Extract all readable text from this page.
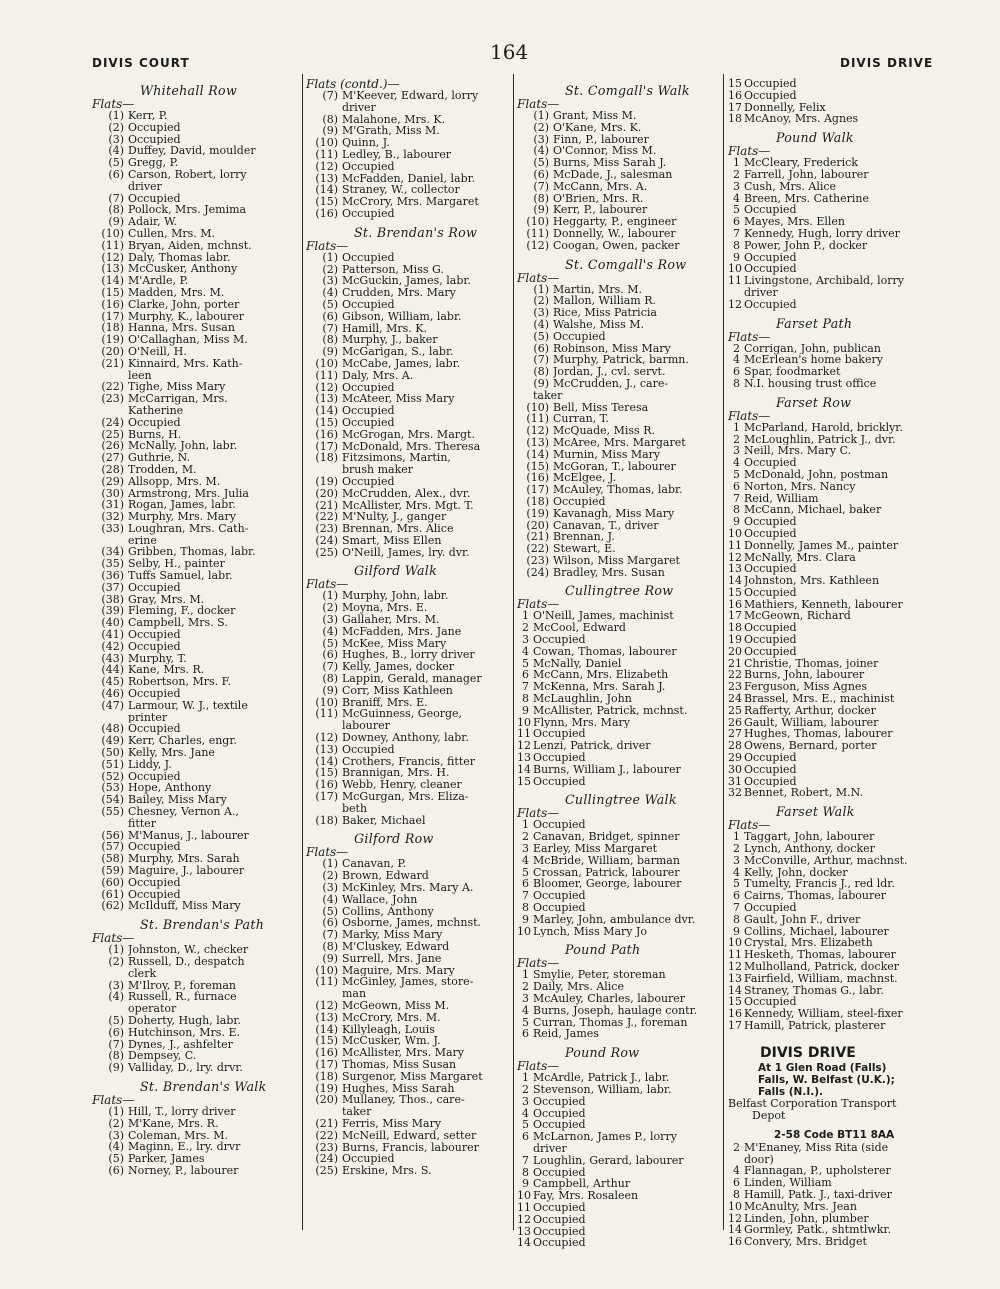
DIVIS COURT	164	DIVIS DRIVE
Whitehall Row
Flats—
(1) Kerr, P.
(2) Occupied
(3) Occupied
(4) Duffey, David, moulder
(5) Gregg, P.
(6) Carson, Robert, lorry
driver
(7) Occupied
(8) Pollock, Mrs. Jemima
(9) Adair, W.
(10) Cullen, Mrs. M.
(11) Bryan, Aiden, mchnst.
(12) Daly, Thomas labr.
(13) McCusker, Anthony
(14) M'Ardle, P.
(15) Madden, Mrs. M.
(16) Clarke, John, porter
(17) Murphy, K., labourer
(18) Hanna, Mrs. Susan
(19) O'Callaghan, Miss M.
(20) O'Neill, H.
(21) Kinnaird, Mrs. Kath-
leen
(22) Tighe, Miss Mary
(23) McCarrigan, Mrs.
Katherine
(24) Occupied
(25) Burns, H.
(26) McNally, John, labr.
(27) Guthrie, N.
(28) Trodden, M.
(29) Allsopp, Mrs. M.
(30) Armstrong, Mrs. Julia
(31) Rogan, James, labr.
(32) Murphy, Mrs. Mary
(33) Loughran, Mrs. Cath-
erine
(34) Gribben, Thomas, labr.
(35) Selby, H., painter
(36) Tuffs Samuel, labr.
(37) Occupied
(38) Gray, Mrs. M.
(39) Fleming, F., docker
(40) Campbell, Mrs. S.
(41) Occupied
(42) Occupied
(43) Murphy, T.
(44) Kane, Mrs. R.
(45) Robertson, Mrs. F.
(46) Occupied
(47) Larmour, W. J., textile
printer
(48) Occupied
(49) Kerr, Charles, engr.
(50) Kelly, Mrs. Jane
(51) Liddy, J.
(52) Occupied
(53) Hope, Anthony
(54) Bailey, Miss Mary
(55) Chesney, Vernon A.,
fitter
(56) M'Manus, J., labourer
(57) Occupied
(58) Murphy, Mrs. Sarah
(59) Maguire, J., labourer
(60) Occupied
(61) Occupied
(62) McIlduff, Miss Mary
St. Brendan's Path
Flats—
(1) Johnston, W., checker
(2) Russell, D., despatch
clerk
(3) M'Ilroy, P., foreman
(4) Russell, R., furnace
operator
(5) Doherty, Hugh, labr.
(6) Hutchinson, Mrs. E.
(7) Dynes, J., ashfelter
(8) Dempsey, C.
(9) Valliday, D., lry. drvr.
St. Brendan's Walk
Flats—
(1) Hill, T., lorry driver
(2) M'Kane, Mrs. R.
(3) Coleman, Mrs. M.
(4) Maginn, E., lry. drvr
(5) Parker, James
(6) Norney, P., labourer
Flats (contd.)—
(7) M'Keever, Edward, lorry
driver
(8) Malahone, Mrs. K.
(9) M'Grath, Miss M.
(10) Quinn, J.
(11) Ledley, B., labourer
(12) Occupied
(13) McFadden, Daniel, labr.
(14) Straney, W., collector
(15) McCrory, Mrs. Margaret
(16) Occupied
St. Brendan's Row
Flats—
(1) Occupied
(2) Patterson, Miss G.
(3) McGuckin, James, labr.
(4) Crudden, Mrs. Mary
(5) Occupied
(6) Gibson, William, labr.
(7) Hamill, Mrs. K.
(8) Murphy, J., baker
(9) McGarigan, S., labr.
(10) McCabe, James, labr.
(11) Daly, Mrs. A.
(12) Occupied
(13) McAteer, Miss Mary
(14) Occupied
(15) Occupied
(16) McGrogan, Mrs. Margt.
(17) McDonald, Mrs. Theresa
(18) Fitzsimons, Martin,
brush maker
(19) Occupied
(20) McCrudden, Alex., dvr.
(21) McAllister, Mrs. Mgt. T.
(22) M'Nulty, J., ganger
(23) Brennan, Mrs. Alice
(24) Smart, Miss Ellen
(25) O'Neill, James, lry. dvr.
Gilford Walk
Flats—
(1) Murphy, John, labr.
(2) Moyna, Mrs. E.
(3) Gallaher, Mrs. M.
(4) McFadden, Mrs. Jane
(5) McKee, Miss Mary
(6) Hughes, B., lorry driver
(7) Kelly, James, docker
(8) Lappin, Gerald, manager
(9) Corr, Miss Kathleen
(10) Braniff, Mrs. E.
(11) McGuinness, George,
labourer
(12) Downey, Anthony, labr.
(13) Occupied
(14) Crothers, Francis, fitter
(15) Brannigan, Mrs. H.
(16) Webb, Henry, cleaner
(17) McGurgan, Mrs. Eliza-
beth
(18) Baker, Michael
Gilford Row
Flats—
(1) Canavan, P.
(2) Brown, Edward
(3) McKinley, Mrs. Mary A.
(4) Wallace, John
(5) Collins, Anthony
(6) Osborne, James, mchnst.
(7) Marky, Miss Mary
(8) M'Cluskey, Edward
(9) Surrell, Mrs. Jane
(10) Maguire, Mrs. Mary
(11) McGinley, James, store-
man
(12) McGeown, Miss M.
(13) McCrory, Mrs. M.
(14) Killyleagh, Louis
(15) McCusker, Wm. J.
(16) McAllister, Mrs. Mary
(17) Thomas, Miss Susan
(18) Surgenor, Miss Margaret
(19) Hughes, Miss Sarah
(20) Mullaney, Thos., care-
taker
(21) Ferris, Miss Mary
(22) McNeill, Edward, setter
(23) Burns, Francis, labourer
(24) Occupied
(25) Erskine, Mrs. S.
St. Comgall's Walk
Flats—
(1) Grant, Miss M.
(2) O'Kane, Mrs. K.
(3) Finn, P., labourer
(4) O'Connor, Miss M.
(5) Burns, Miss Sarah J.
(6) McDade, J., salesman
(7) McCann, Mrs. A.
(8) O'Brien, Mrs. R.
(9) Kerr, P., labourer
(10) Heggarty, P., engineer
(11) Donnelly, W., labourer
(12) Coogan, Owen, packer
St. Comgall's Row
Flats—
(1) Martin, Mrs. M.
(2) Mallon, William R.
(3) Rice, Miss Patricia
(4) Walshe, Miss M.
(5) Occupied
(6) Robinson, Miss Mary
(7) Murphy, Patrick, barmn.
(8) Jordan, J., cvl. servt.
(9) McCrudden, J., care-
taker
(10) Bell, Miss Teresa
(11) Curran, T.
(12) McQuade, Miss R.
(13) McAree, Mrs. Margaret
(14) Murnin, Miss Mary
(15) McGoran, T., labourer
(16) McElgee, J.
(17) McAuley, Thomas, labr.
(18) Occupied
(19) Kavanagh, Miss Mary
(20) Canavan, T., driver
(21) Brennan, J.
(22) Stewart, E.
(23) Wilson, Miss Margaret
(24) Bradley, Mrs. Susan
Cullingtree Row
Flats—
1 O'Neill, James, machinist
2 McCool, Edward
3 Occupied
4 Cowan, Thomas, labourer
5 McNally, Daniel
6 McCann, Mrs. Elizabeth
7 McKenna, Mrs. Sarah J.
8 McLaughlin, John
9 McAllister, Patrick, mchnst.
10 Flynn, Mrs. Mary
11 Occupied
12 Lenzi, Patrick, driver
13 Occupied
14 Burns, William J., labourer
15 Occupied
Cullingtree Walk
Flats—
1 Occupied
2 Canavan, Bridget, spinner
3 Earley, Miss Margaret
4 McBride, William, barman
5 Crossan, Patrick, labourer
6 Bloomer, George, labourer
7 Occupied
8 Occupied
9 Marley, John, ambulance dvr.
10 Lynch, Miss Mary Jo
Pound Path
Flats—
1 Smylie, Peter, storeman
2 Daily, Mrs. Alice
3 McAuley, Charles, labourer
4 Burns, Joseph, haulage contr.
5 Curran, Thomas J., foreman
6 Reid, James
Pound Row
Flats—
1 McArdle, Patrick J., labr.
2 Stevenson, William, labr.
3 Occupied
4 Occupied
5 Occupied
6 McLarnon, James P., lorry
driver
7 Loughlin, Gerard, labourer
8 Occupied
9 Campbell, Arthur
10 Fay, Mrs. Rosaleen
11 Occupied
12 Occupied
13 Occupied
14 Occupied
15 Occupied
16 Occupied
17 Donnelly, Felix
18 McAnoy, Mrs. Agnes
Pound Walk
Flats—
1 McCleary, Frederick
2 Farrell, John, labourer
3 Cush, Mrs. Alice
4 Breen, Mrs. Catherine
5 Occupied
6 Mayes, Mrs. Ellen
7 Kennedy, Hugh, lorry driver
8 Power, John P., docker
9 Occupied
10 Occupied
11 Livingstone, Archibald, lorry
driver
12 Occupied
Farset Path
Flats—
2 Corrigan, John, publican
4 McErlean's home bakery
6 Spar, foodmarket
8 N.I. housing trust office
Farset Row
Flats—
1 McParland, Harold, bricklyr.
2 McLoughlin, Patrick J., dvr.
3 Neill, Mrs. Mary C.
4 Occupied
5 McDonald, John, postman
6 Norton, Mrs. Nancy
7 Reid, William
8 McCann, Michael, baker
9 Occupied
10 Occupied
11 Donnelly, James M., painter
12 McNally, Mrs. Clara
13 Occupied
14 Johnston, Mrs. Kathleen
15 Occupied
16 Mathiers, Kenneth, labourer
17 McGeown, Richard
18 Occupied
19 Occupied
20 Occupied
21 Christie, Thomas, joiner
22 Burns, John, labourer
23 Ferguson, Miss Agnes
24 Brassel, Mrs. E., machinist
25 Rafferty, Arthur, docker
26 Gault, William, labourer
27 Hughes, Thomas, labourer
28 Owens, Bernard, porter
29 Occupied
30 Occupied
31 Occupied
32 Bennet, Robert, M.N.
Farset Walk
Flats—
1 Taggart, John, labourer
2 Lynch, Anthony, docker
3 McConville, Arthur, machnst.
4 Kelly, John, docker
5 Tumelty, Francis J., red ldr.
6 Cairns, Thomas, labourer
7 Occupied
8 Gault, John F., driver
9 Collins, Michael, labourer
10 Crystal, Mrs. Elizabeth
11 Hesketh, Thomas, labourer
12 Mulholland, Patrick, docker
13 Fairfield, William, machnst.
14 Straney, Thomas G., labr.
15 Occupied
16 Kennedy, William, steel-fixer
17 Hamill, Patrick, plasterer
DIVIS DRIVE
At 1 Glen Road (Falls)
Falls, W. Belfast (U.K.);
Falls (N.I.).
Belfast Corporation Transport
Depot
2-58 Code BT11 8AA
2 M'Enaney, Miss Rita (side
door)
4 Flannagan, P., upholsterer
6 Linden, William
8 Hamill, Patk. J., taxi-driver
10 McAnulty, Mrs. Jean
12 Linden, John, plumber
14 Gormley, Patk., shtmtlwkr.
16 Convery, Mrs. Bridget
